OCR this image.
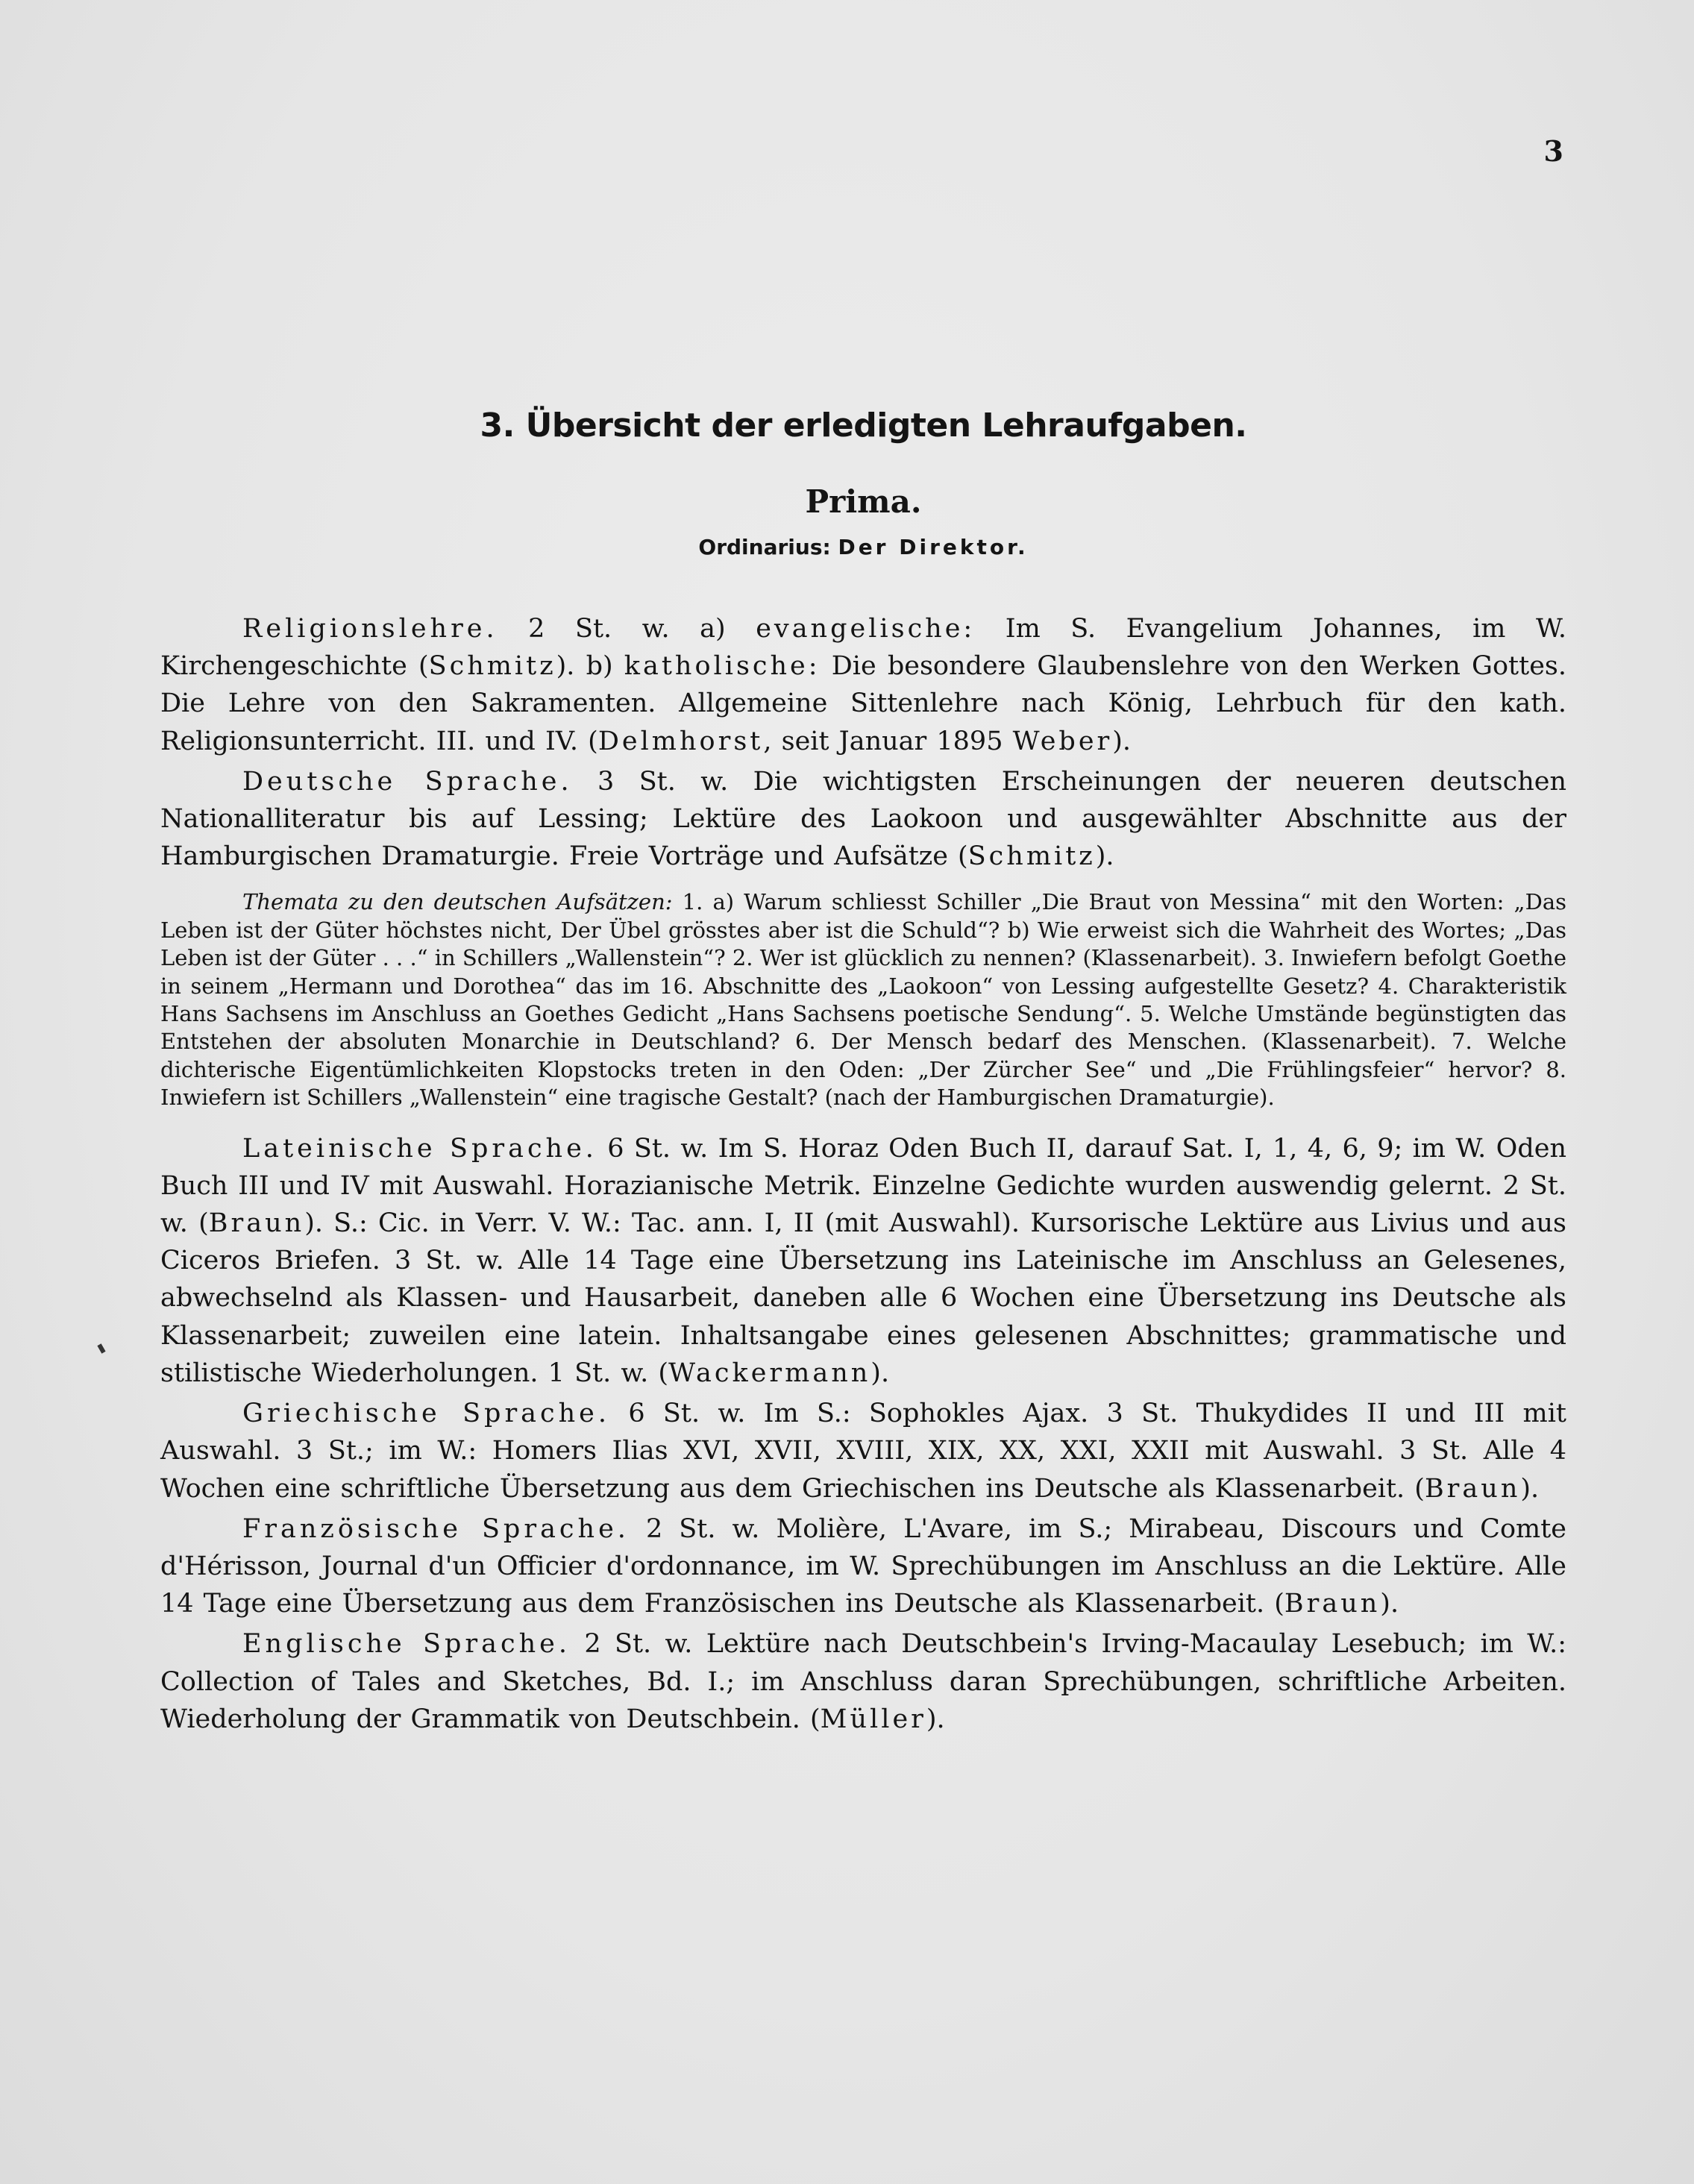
3
3. Übersicht der erledigten Lehraufgaben.
Prima.
Ordinarius: Der Direktor.

Religionslehre. 2 St. w. a) evangelische: Im S. Evangelium Johannes, im W. Kirchengeschichte (Schmitz). b) katholische: Die besondere Glaubenslehre von den Werken Gottes. Die Lehre von den Sakramenten. Allgemeine Sittenlehre nach König, Lehrbuch für den kath. Religionsunterricht. III. und IV. (Delmhorst, seit Januar 1895 Weber).

Deutsche Sprache. 3 St. w. Die wichtigsten Erscheinungen der neueren deutschen Nationalliteratur bis auf Lessing; Lektüre des Laokoon und ausgewählter Abschnitte aus der Hamburgischen Dramaturgie. Freie Vorträge und Aufsätze (Schmitz).

Themata zu den deutschen Aufsätzen: 1. a) Warum schliesst Schiller „Die Braut von Messina“ mit den Worten: „Das Leben ist der Güter höchstes nicht, Der Übel grösstes aber ist die Schuld“? b) Wie erweist sich die Wahrheit des Wortes; „Das Leben ist der Güter . . .“ in Schillers „Wallenstein“? 2. Wer ist glücklich zu nennen? (Klassenarbeit). 3. Inwiefern befolgt Goethe in seinem „Hermann und Dorothea“ das im 16. Abschnitte des „Laokoon“ von Lessing aufgestellte Gesetz? 4. Charakteristik Hans Sachsens im Anschluss an Goethes Gedicht „Hans Sachsens poetische Sendung“. 5. Welche Umstände begünstigten das Entstehen der absoluten Monarchie in Deutschland? 6. Der Mensch bedarf des Menschen. (Klassenarbeit). 7. Welche dichterische Eigentümlichkeiten Klopstocks treten in den Oden: „Der Zürcher See“ und „Die Frühlingsfeier“ hervor? 8. Inwiefern ist Schillers „Wallenstein“ eine tragische Gestalt? (nach der Hamburgischen Dramaturgie).

Lateinische Sprache. 6 St. w. Im S. Horaz Oden Buch II, darauf Sat. I, 1, 4, 6, 9; im W. Oden Buch III und IV mit Auswahl. Horazianische Metrik. Einzelne Gedichte wurden auswendig gelernt. 2 St. w. (Braun). S.: Cic. in Verr. V. W.: Tac. ann. I, II (mit Auswahl). Kursorische Lektüre aus Livius und aus Ciceros Briefen. 3 St. w. Alle 14 Tage eine Übersetzung ins Lateinische im Anschluss an Gelesenes, abwechselnd als Klassen- und Hausarbeit, daneben alle 6 Wochen eine Übersetzung ins Deutsche als Klassenarbeit; zuweilen eine latein. Inhaltsangabe eines gelesenen Abschnittes; grammatische und stilistische Wiederholungen. 1 St. w. (Wackermann).

Griechische Sprache. 6 St. w. Im S.: Sophokles Ajax. 3 St. Thukydides II und III mit Auswahl. 3 St.; im W.: Homers Ilias XVI, XVII, XVIII, XIX, XX, XXI, XXII mit Auswahl. 3 St. Alle 4 Wochen eine schriftliche Übersetzung aus dem Griechischen ins Deutsche als Klassenarbeit. (Braun).

Französische Sprache. 2 St. w. Molière, L'Avare, im S.; Mirabeau, Discours und Comte d'Hérisson, Journal d'un Officier d'ordonnance, im W. Sprechübungen im Anschluss an die Lektüre. Alle 14 Tage eine Übersetzung aus dem Französischen ins Deutsche als Klassenarbeit. (Braun).

Englische Sprache. 2 St. w. Lektüre nach Deutschbein's Irving-Macaulay Lesebuch; im W.: Collection of Tales and Sketches, Bd. I.; im Anschluss daran Sprechübungen, schriftliche Arbeiten. Wiederholung der Grammatik von Deutschbein. (Müller).
